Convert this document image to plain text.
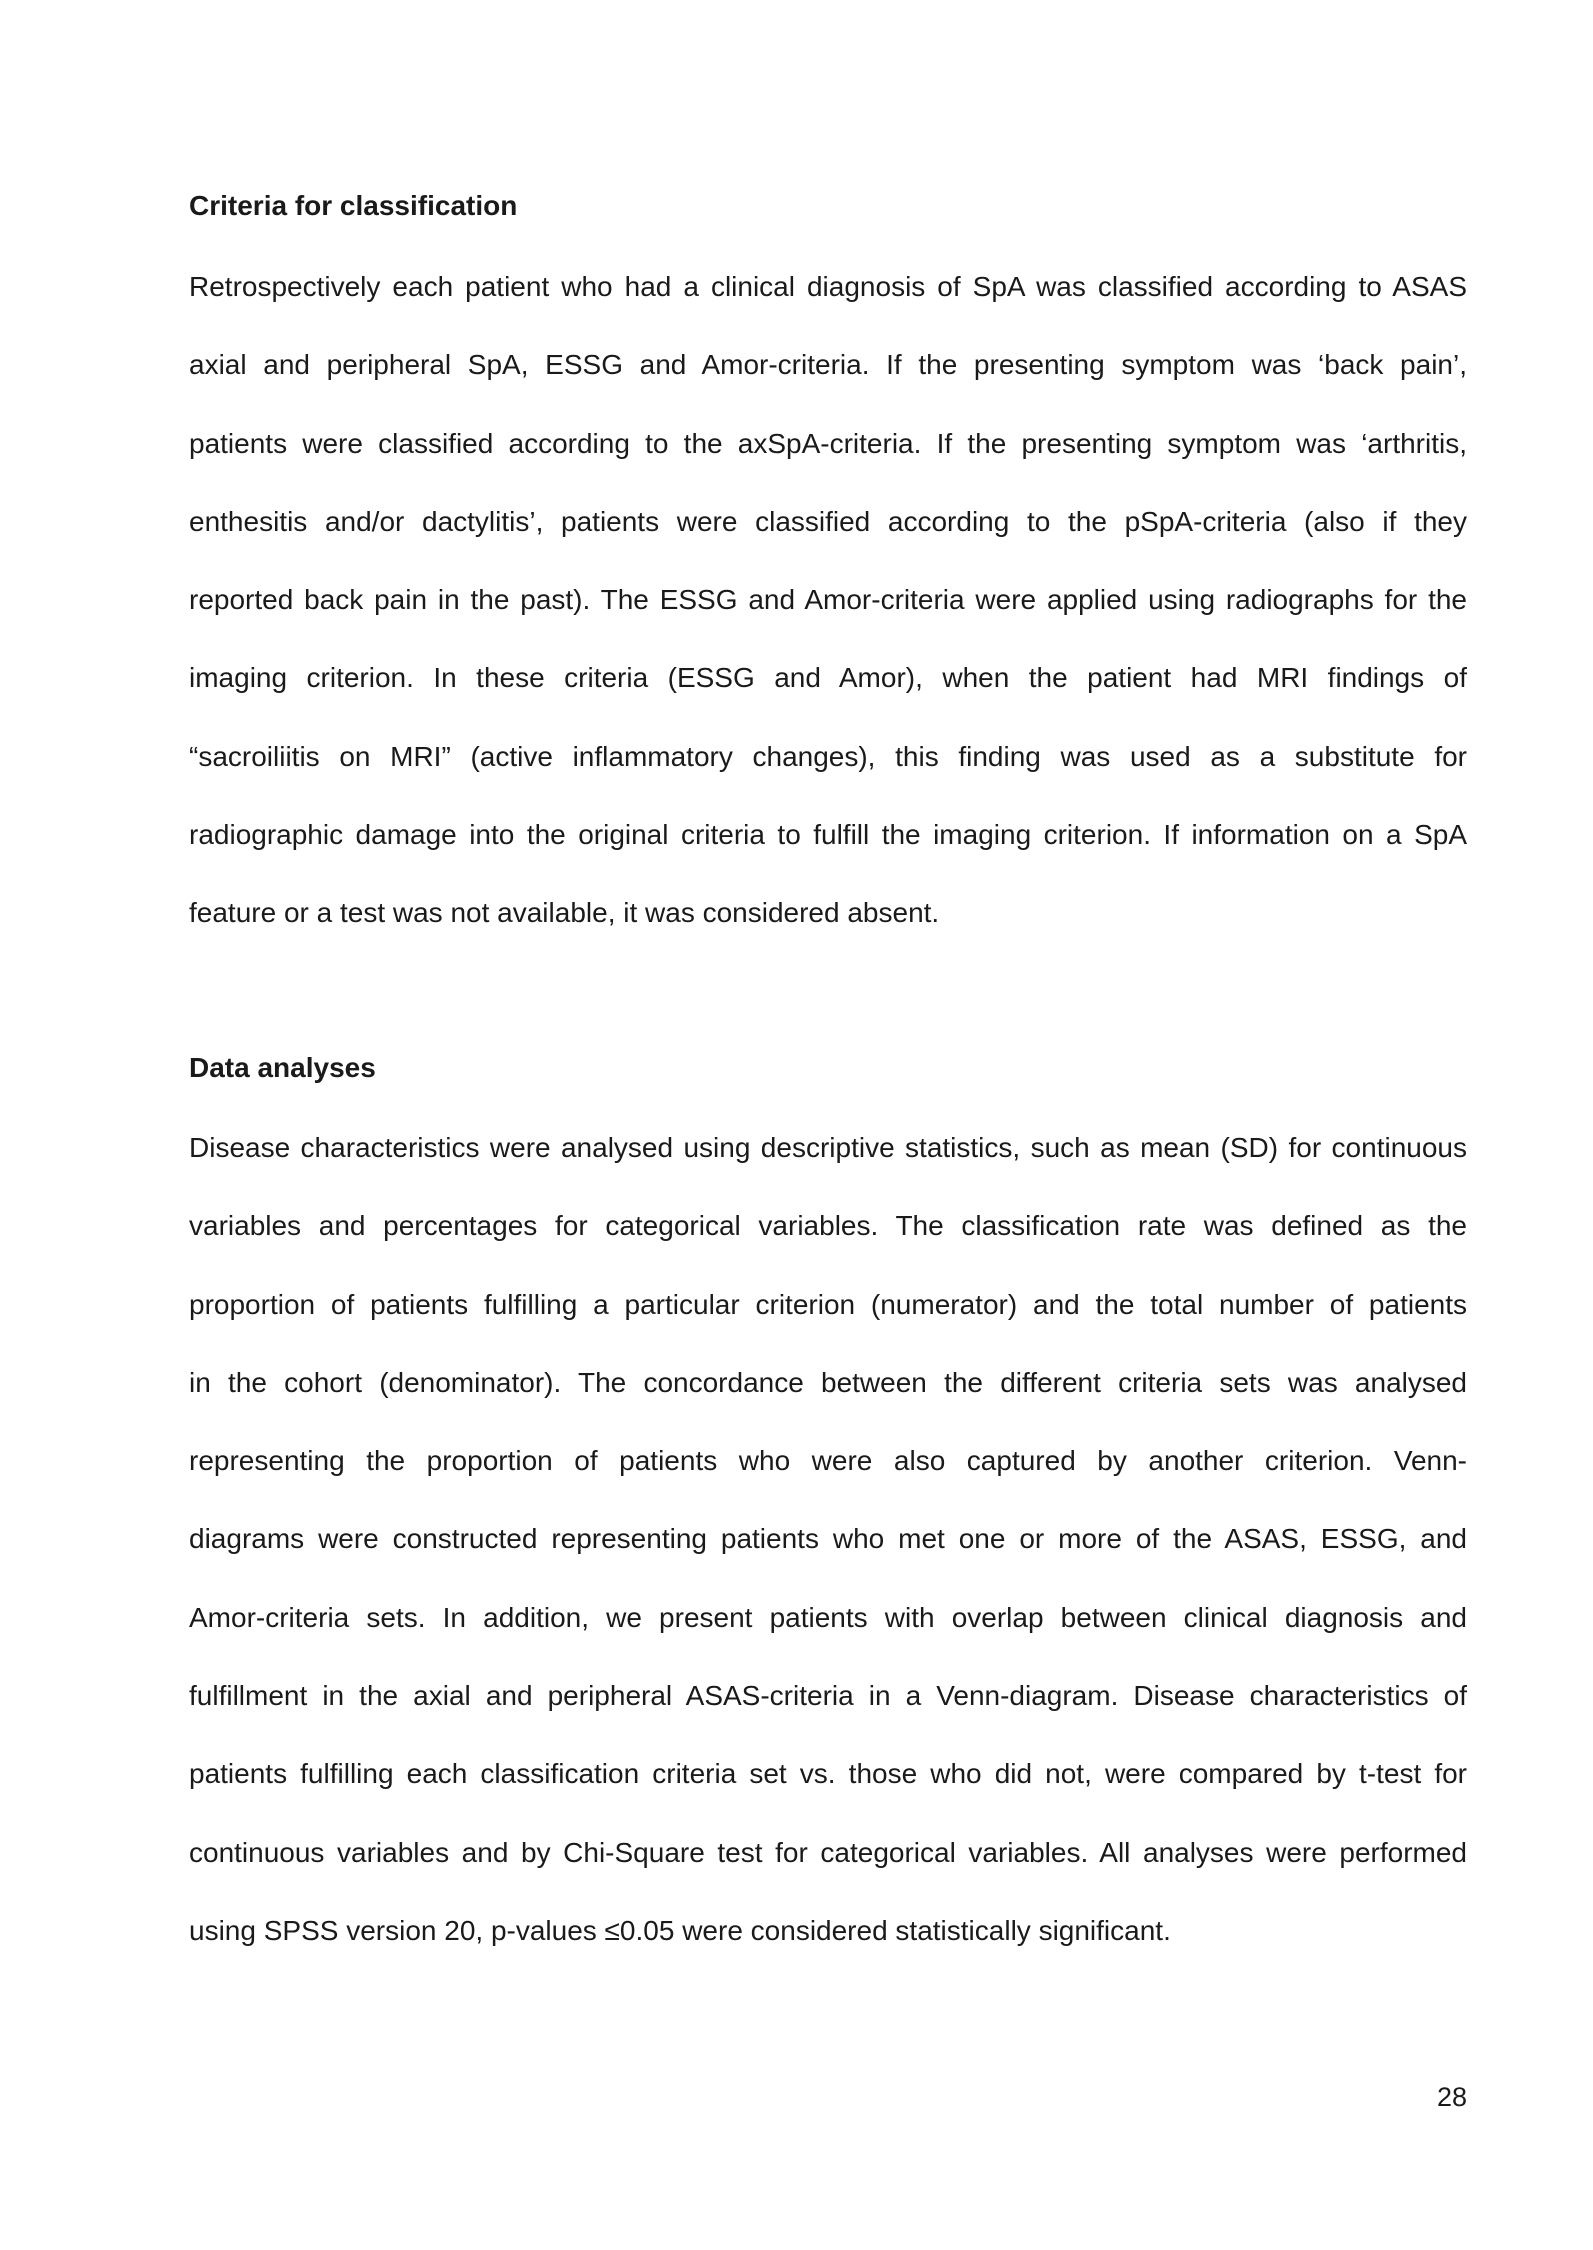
Criteria for classification
Retrospectively each patient who had a clinical diagnosis of SpA was classified according to ASAS
axial and peripheral SpA, ESSG and Amor-criteria. If the presenting symptom was ‘back pain’,
patients were classified according to the axSpA-criteria. If the presenting symptom was ‘arthritis,
enthesitis and/or dactylitis’, patients were classified according to the pSpA-criteria (also if they
reported back pain in the past). The ESSG and Amor-criteria were applied using radiographs for the
imaging criterion. In these criteria (ESSG and Amor), when the patient had MRI findings of
“sacroiliitis on MRI” (active inflammatory changes), this finding was used as a substitute for
radiographic damage into the original criteria to fulfill the imaging criterion. If information on a SpA
feature or a test was not available, it was considered absent.
Data analyses
Disease characteristics were analysed using descriptive statistics, such as mean (SD) for continuous
variables and percentages for categorical variables. The classification rate was defined as the
proportion of patients fulfilling a particular criterion (numerator) and the total number of patients
in the cohort (denominator). The concordance between the different criteria sets was analysed
representing the proportion of patients who were also captured by another criterion. Venn-
diagrams were constructed representing patients who met one or more of the ASAS, ESSG, and
Amor-criteria sets. In addition, we present patients with overlap between clinical diagnosis and
fulfillment in the axial and peripheral ASAS-criteria in a Venn-diagram. Disease characteristics of
patients fulfilling each classification criteria set vs. those who did not, were compared by t-test for
continuous variables and by Chi-Square test for categorical variables. All analyses were performed
using SPSS version 20, p-values ≤0.05 were considered statistically significant.

28
